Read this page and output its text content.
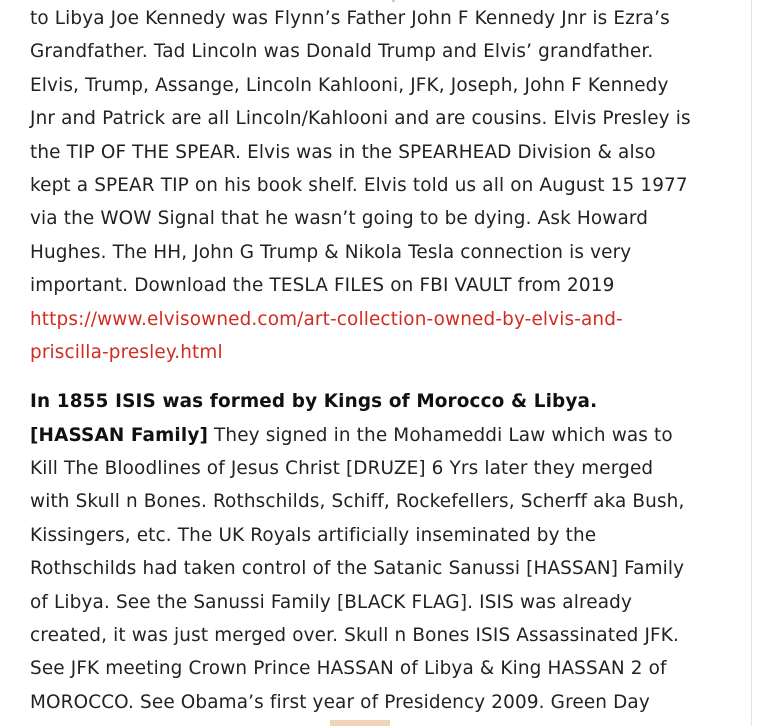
to Libya Joe Kennedy was Flynn’s Father John F Kennedy Jnr is Ezra’s
Grandfather. Tad Lincoln was Donald Trump and Elvis’ grandfather.
Elvis, Trump, Assange, Lincoln Kahlooni, JFK, Joseph, John F Kennedy
Jnr and Patrick are all Lincoln/Kahlooni and are cousins. Elvis Presley is
the TIP OF THE SPEAR. Elvis was in the SPEARHEAD Division & also
kept a SPEAR TIP on his book shelf. Elvis told us all on August 15 1977
via the WOW Signal that he wasn’t going to be dying. Ask Howard
Hughes. The HH, John G Trump & Nikola Tesla connection is very
important. Download the TESLA FILES on FBI VAULT from 2019
https://www.elvisowned.com/art-collection-owned-by-elvis-and-
priscilla-presley.html
In 1855 ISIS was formed by Kings of Morocco & Libya.
[HASSAN Family] They signed in the Mohameddi Law which was to
Kill The Bloodlines of Jesus Christ [DRUZE] 6 Yrs later they merged
with Skull n Bones. Rothschilds, Schiff, Rockefellers, Scherff aka Bush,
Kissingers, etc. The UK Royals artificially inseminated by the
Rothschilds had taken control of the Satanic Sanussi [HASSAN] Family
of Libya. See the Sanussi Family [BLACK FLAG]. ISIS was already
created, it was just merged over. Skull n Bones ISIS Assassinated JFK.
See JFK meeting Crown Prince HASSAN of Libya & King HASSAN 2 of
MOROCCO. See Obama’s first year of Presidency 2009. Green Day
